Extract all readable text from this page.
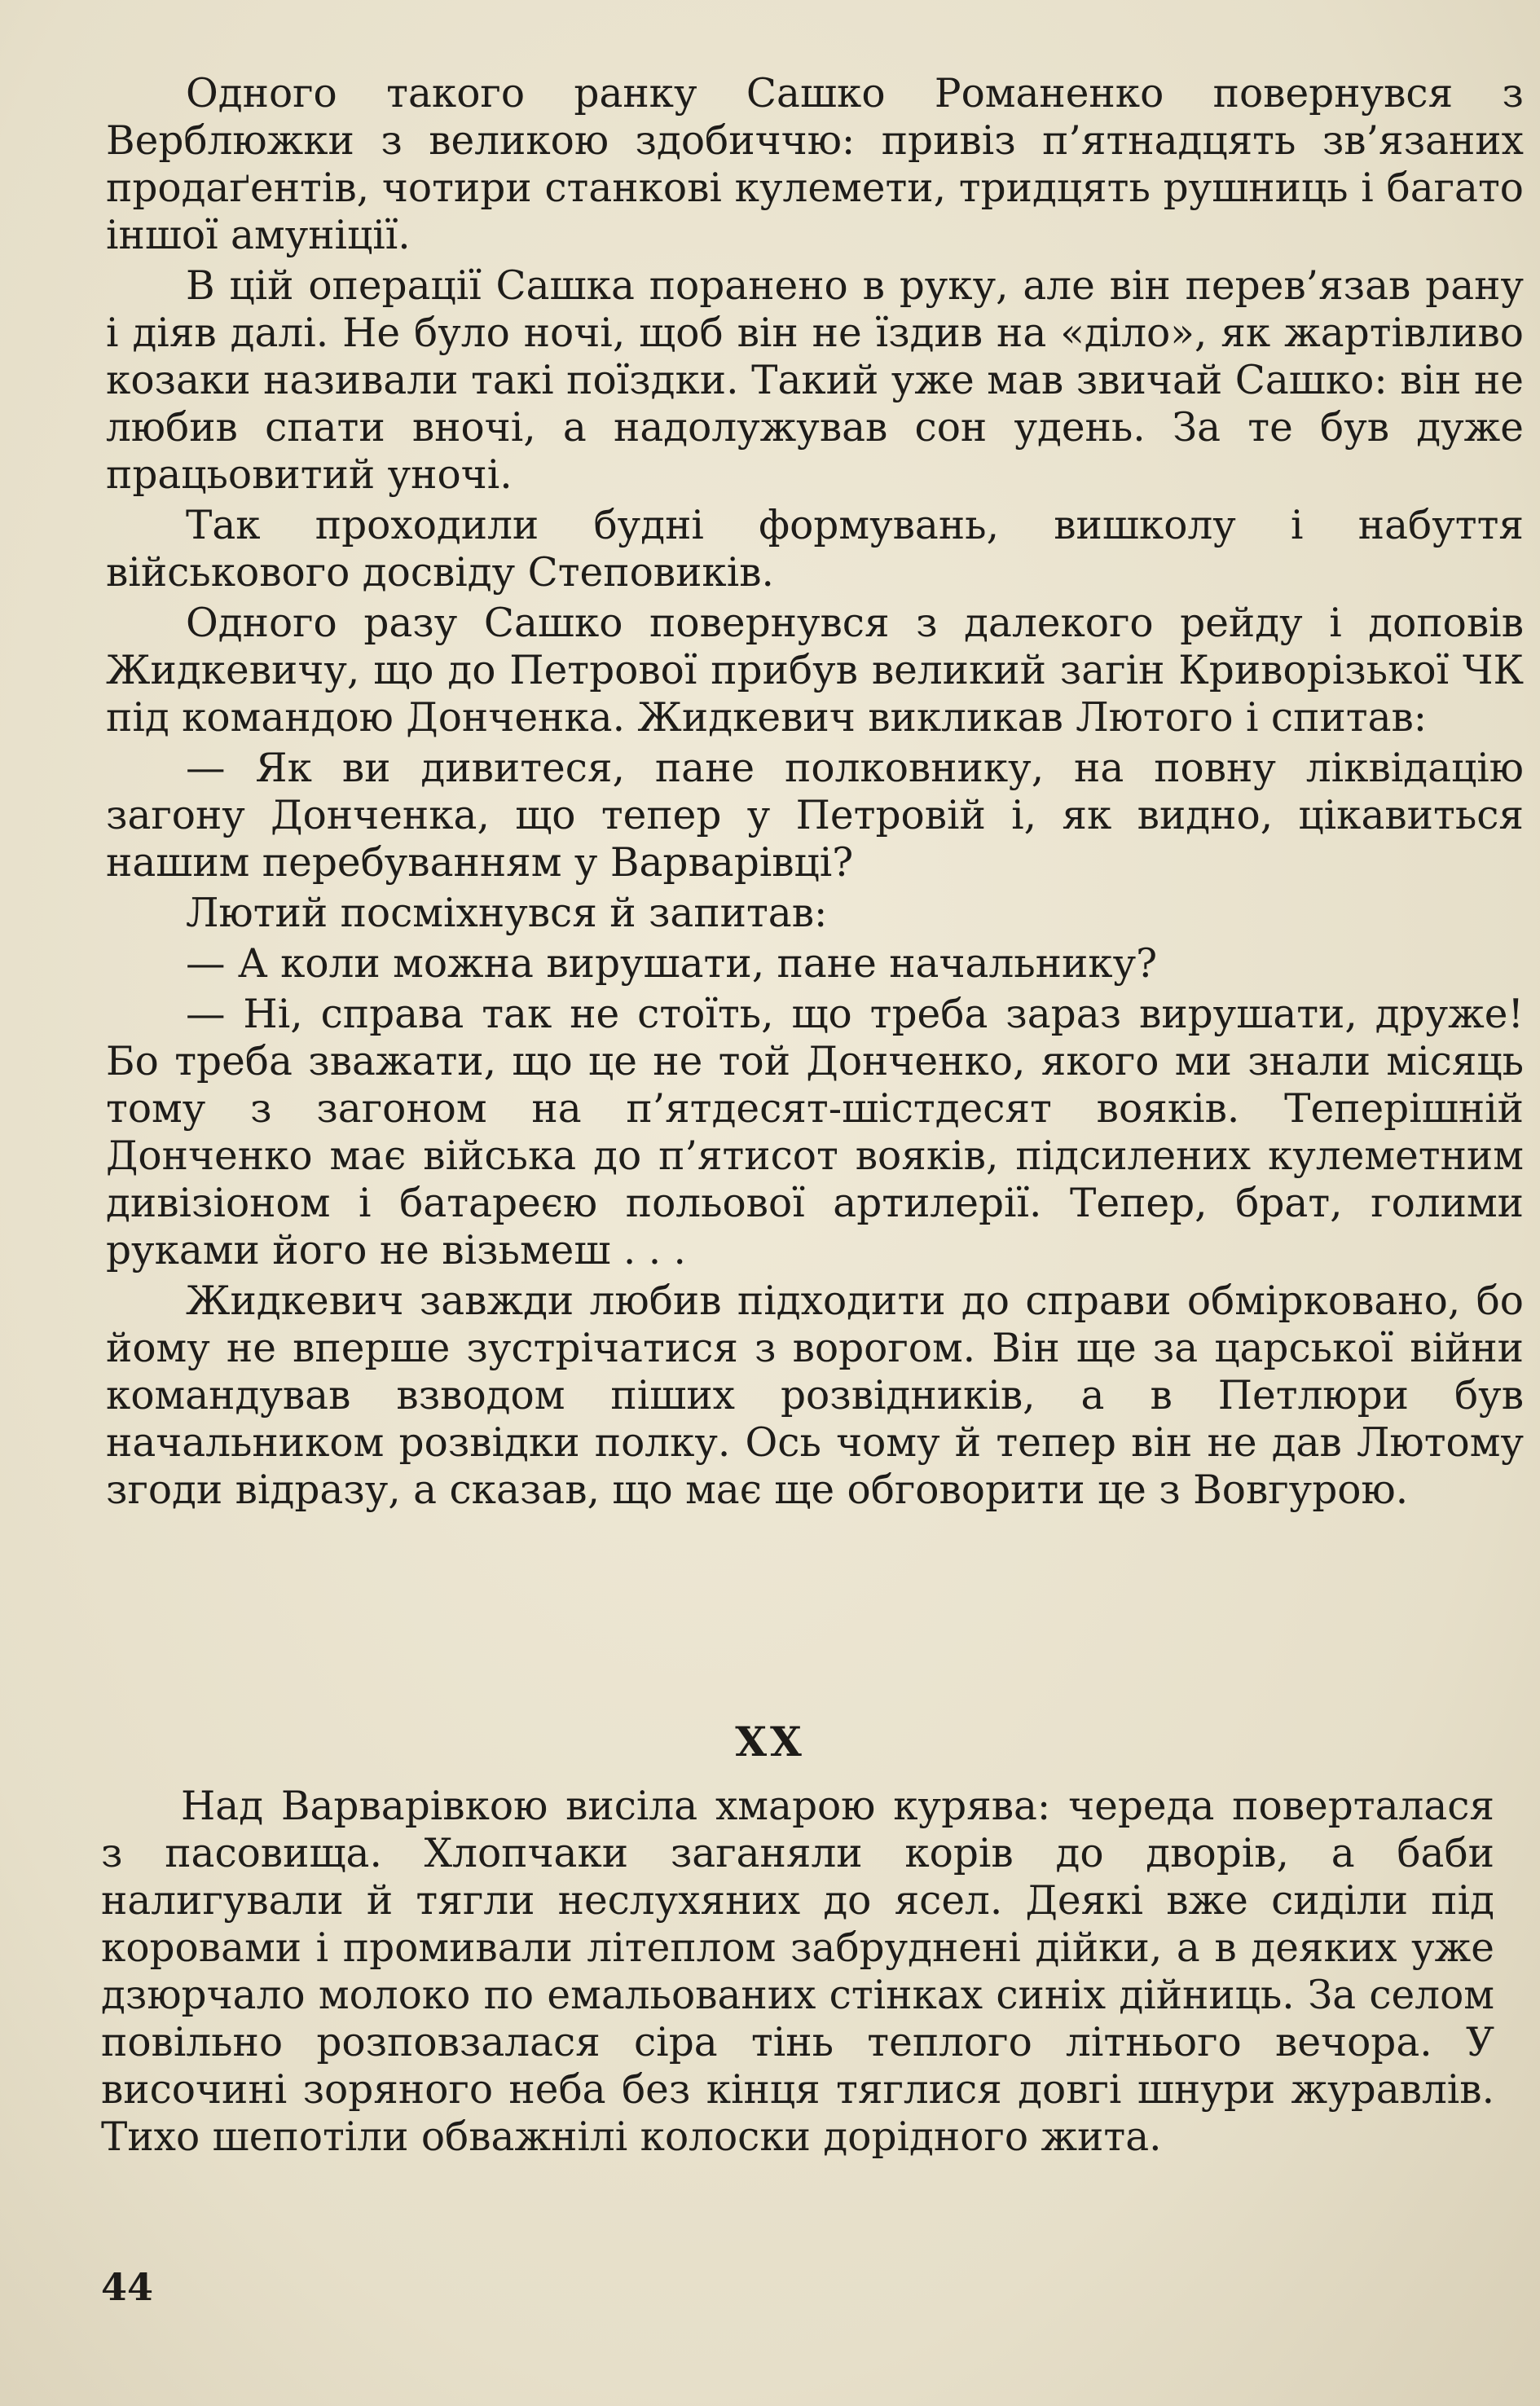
Одного такого ранку Сашко Романенко повернувся з Верблюжки з великою здобиччю: привіз п’ятнадцять зв’язаних продаґентів, чотири станкові кулемети, тридцять рушниць і багато іншої амуніції.

В цій операції Сашка поранено в руку, але він перев’язав рану і діяв далі. Не було ночі, щоб він не їздив на «діло», як жартівливо козаки називали такі поїздки. Такий уже мав звичай Сашко: він не любив спати вночі, а надолужував сон удень. За те був дуже працьовитий уночі.

Так проходили будні формувань, вишколу і набуття військового досвіду Степовиків.

Одного разу Сашко повернувся з далекого рейду і доповів Жидкевичу, що до Петрової прибув великий загін Криворізької ЧК під командою Донченка. Жидкевич викликав Лютого і спитав:

— Як ви дивитеся, пане полковнику, на повну ліквідацію загону Донченка, що тепер у Петровій і, як видно, цікавиться нашим перебуванням у Варварівці?

Лютий посміхнувся й запитав:

— А коли можна вирушати, пане начальнику?

— Ні, справа так не стоїть, що треба зараз вирушати, друже! Бо треба зважати, що це не той Донченко, якого ми знали місяць тому з загоном на п’ятдесят-шістдесят вояків. Теперішній Донченко має війська до п’ятисот вояків, підсилених кулеметним дивізіоном і батареєю польової артилерії. Тепер, брат, голими руками його не візьмеш . . .

Жидкевич завжди любив підходити до справи обмірковано, бо йому не вперше зустрічатися з ворогом. Він ще за царської війни командував взводом піших розвідників, а в Петлюри був начальником розвідки полку. Ось чому й тепер він не дав Лютому згоди відразу, а сказав, що має ще обговорити це з Вовгурою.

XX

Над Варварівкою висіла хмарою курява: череда поверталася з пасовища. Хлопчаки заганяли корів до дворів, а баби налигували й тягли неслухяних до ясел. Деякі вже сиділи під коровами і промивали літеплом забруднені дійки, а в деяких уже дзюрчало молоко по емальованих стінках синіх дійниць. За селом повільно розповзалася сіра тінь теплого літнього вечора. У височині зоряного неба без кінця тяглися довгі шнури журавлів. Тихо шепотіли обважнілі колоски дорідного жита.

44
